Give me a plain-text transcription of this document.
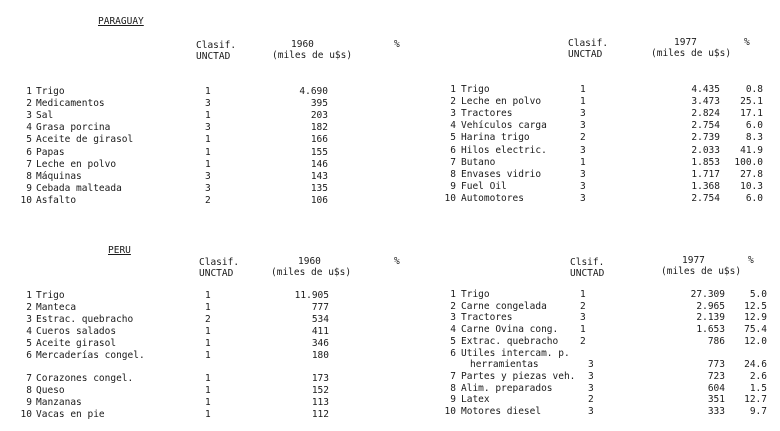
PARAGUAY
Clasif.
UNCTAD
1960
(miles de u$s)
%	Clasif.
UNCTAD
1977
(miles de u$s)
%
1 Trigo	1	4.690
2 Medicamentos	3	395
3 Sal	1	203
4 Grasa porcina	3	182
5 Aceite de girasol	1	166
6 Papas	1	155
7 Leche en polvo	1	146
8 Máquinas	3	143
9 Cebada malteada	3	135
10 Asfalto	2	106
1 Trigo	1	4.435	0.8
2 Leche en polvo	1	3.473	25.1
3 Tractores	3	2.824	17.1
4 Vehículos carga	3	2.754	6.0
5 Harina trigo	2	2.739	8.3
6 Hilos electric.	3	2.033	41.9
7 Butano	1	1.853	100.0
8 Envases vidrio	3	1.717	27.8
9 Fuel Oil	3	1.368	10.3
10 Automotores	3	2.754	6.0
PERU
Clasif.
UNCTAD
1960
(miles de u$s)
%	Clsif.
UNCTAD
1977
(miles de u$s)
%
1 Trigo	1	11.905
2 Manteca	1	777
3 Estrac. quebracho	2	534
4 Cueros salados	1	411
5 Aceite girasol	1	346
6 Mercaderías congel.	1	180
7 Corazones congel.	1	173
8 Queso	1	152
9 Manzanas	1	113
10 Vacas en pie	1	112
1 Trigo	1	27.309	5.0
2 Carne congelada	2	2.965	12.5
3 Tractores	3	2.139	12.9
4 Carne Ovina cong. 1	1.653	75.4
5 Extrac. quebracho 2	786	12.0
6 Utiles intercam. p.
herramientas	3	773	24.6
7 Partes y piezas veh. 3	723	2.6
8 Alim. preparados	3	604	1.5
9 Latex	2	351	12.7
10 Motores diesel	3	333	9.7
